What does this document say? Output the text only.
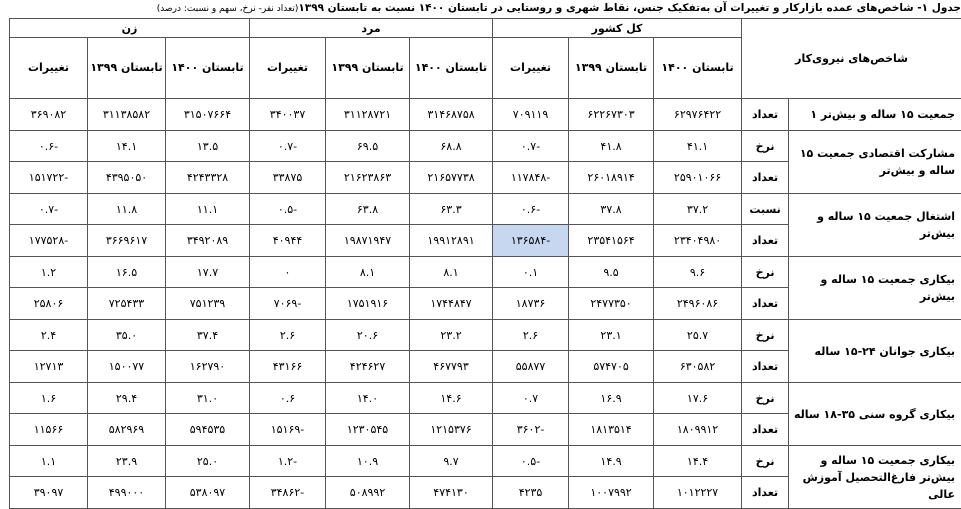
جدول ۱- شاخص‌های عمده بازارکار و تغییرات آن به‌تفکیک جنس، نقاط شهری و روستایی در تابستان ۱۴۰۰ نسبت به تابستان ۱۳۹۹(تعداد نفر- نرخ، سهم و نسبت: درصد)
شاخص‌های نیروی‌کار		کل کشور			مرد			زن		
		تابستان ۱۴۰۰	تابستان ۱۳۹۹	تغییرات	تابستان ۱۴۰۰	تابستان ۱۳۹۹	تغییرات	تابستان ۱۴۰۰	تابستان ۱۳۹۹	تغییرات
جمعیت ۱۵ ساله و بیش‌تر ۱	تعداد	۶۲۹۷۶۴۲۲	۶۲۲۶۷۳۰۳	۷۰۹۱۱۹	۳۱۴۶۸۷۵۸	۳۱۱۲۸۷۲۱	۳۴۰۰۳۷	۳۱۵۰۷۶۶۴	۳۱۱۳۸۵۸۲	۳۶۹۰۸۲
مشارکت اقتصادی جمعیت ۱۵ ساله و بیش‌تر	نرخ	۴۱.۱	۴۱.۸	-۰.۷	۶۸.۸	۶۹.۵	-۰.۷	۱۳.۵	۱۴.۱	-۰.۶
	تعداد	۲۵۹۰۱۰۶۶	۲۶۰۱۸۹۱۴	-۱۱۷۸۴۸	۲۱۶۵۷۷۳۸	۲۱۶۲۳۸۶۳	۳۳۸۷۵	۴۲۴۳۳۲۸	۴۳۹۵۰۵۰	-۱۵۱۷۲۲
اشتغال جمعیت ۱۵ ساله و بیش‌تر	نسبت	۳۷.۲	۳۷.۸	-۰.۶	۶۳.۳	۶۳.۸	-۰.۵	۱۱.۱	۱۱.۸	-۰.۷
	تعداد	۲۳۴۰۴۹۸۰	۲۳۵۴۱۵۶۴	-۱۳۶۵۸۴	۱۹۹۱۲۸۹۱	۱۹۸۷۱۹۴۷	۴۰۹۴۴	۳۴۹۲۰۸۹	۳۶۶۹۶۱۷	-۱۷۷۵۲۸
بیکاری جمعیت ۱۵ ساله و بیش‌تر	نرخ	۹.۶	۹.۵	۰.۱	۸.۱	۸.۱	۰	۱۷.۷	۱۶.۵	۱.۲
	تعداد	۲۴۹۶۰۸۶	۲۴۷۷۳۵۰	۱۸۷۳۶	۱۷۴۴۸۴۷	۱۷۵۱۹۱۶	-۷۰۶۹	۷۵۱۲۳۹	۷۲۵۴۳۳	۲۵۸۰۶
بیکاری جوانان ۲۴-۱۵ ساله	نرخ	۲۵.۷	۲۳.۱	۲.۶	۲۳.۲	۲۰.۶	۲.۶	۳۷.۴	۳۵.۰	۲.۴
	تعداد	۶۳۰۵۸۲	۵۷۴۷۰۵	۵۵۸۷۷	۴۶۷۷۹۳	۴۲۴۶۲۷	۴۳۱۶۶	۱۶۲۷۹۰	۱۵۰۰۷۷	۱۲۷۱۳
بیکاری گروه سنی ۳۵-۱۸ ساله	نرخ	۱۷.۶	۱۶.۹	۰.۷	۱۴.۶	۱۴.۰	۰.۶	۳۱.۰	۲۹.۴	۱.۶
	تعداد	۱۸۰۹۹۱۲	۱۸۱۳۵۱۴	-۳۶۰۲	۱۲۱۵۳۷۶	۱۲۳۰۵۴۵	-۱۵۱۶۹	۵۹۴۵۳۵	۵۸۲۹۶۹	۱۱۵۶۶
بیکاری جمعیت ۱۵ ساله و بیش‌تر فارغ‌التحصیل آموزش عالی	نرخ	۱۴.۴	۱۴.۹	-۰.۵	۹.۷	۱۰.۹	-۱.۲	۲۵.۰	۲۳.۹	۱.۱
	تعداد	۱۰۱۲۲۲۷	۱۰۰۷۹۹۲	۴۲۳۵	۴۷۴۱۳۰	۵۰۸۹۹۲	-۳۴۸۶۲	۵۳۸۰۹۷	۴۹۹۰۰۰	۳۹۰۹۷
